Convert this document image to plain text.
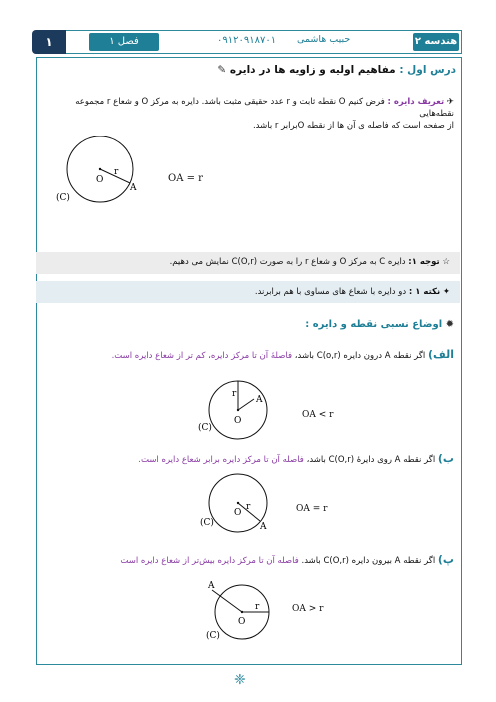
هندسه ۲
۰۹۱۲۰۹۱۸۷۰۱ حبیب هاشمی
فصل ۱
۱
درس اول : مفاهیم اولیه و زاویه ها در دایره ✎
✈ تعریف دایره : فرض کنیم O نقطه ثابت و r عدد حقیقی مثبت باشد. دایره به مرکز O و شعاع r مجموعه نقطه‌هایی
از صفحه است که فاصله ی آن ها از نقطه Oبرابر r باشد.
O
r
A
(C)
OA = r
☆ توجه ۱: دایره C به مرکز O و شعاع r را به صورت C(O,r) نمایش می دهیم.
✦ نکته ۱ : دو دایره با شعاع های مساوی با هم برابرند.
✹ اوضاع نسبی نقطه و دایره :
الف) اگر نقطه A درون دایره C(o,r) باشد، فاصلهٔ آن تا مرکز دایره، کم تر از شعاع دایره است.
O
r
A
(C)
OA < r
ب) اگر نقطه A روی دایرهٔ C(O,r) باشد، فاصله آن تا مرکز دایره برابر شعاع دایره است.
O
r
A
(C)
OA = r
پ) اگر نقطه A بیرون دایره C(O,r) باشد. فاصله آن تا مرکز دایره بیش‌تر از شعاع دایره است
O
r
A
(C)
OA > r
❈
